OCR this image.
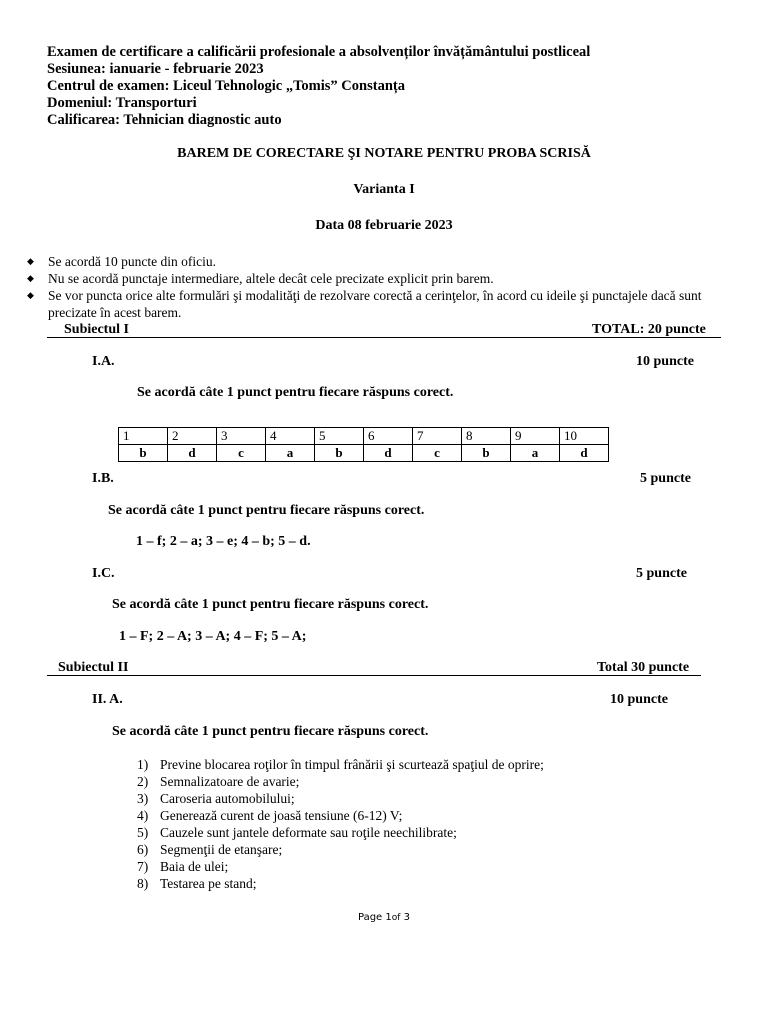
Examen de certificare a calificării profesionale a absolvenților învățământului postliceal
Sesiunea: ianuarie - februarie 2023
Centrul de examen: Liceul Tehnologic „Tomis” Constanța
Domeniul: Transporturi
Calificarea: Tehnician diagnostic auto
BAREM DE CORECTARE ŞI NOTARE PENTRU PROBA SCRISĂ
Varianta I
Data 08 februarie 2023
◆ Se acordă 10 puncte din oficiu.
◆ Nu se acordă punctaje intermediare, altele decât cele precizate explicit prin barem.
◆ Se vor puncta orice alte formulări şi modalităţi de rezolvare corectă a cerinţelor, în acord cu ideile şi punctajele dacă sunt precizate în acest barem.
Subiectul I	TOTAL: 20 puncte
I.A.	10 puncte
Se acordă câte 1 punct pentru fiecare răspuns corect.
1	2	3	4	5	6	7	8	9	10
b	d	c	a	b	d	c	b	a	d
I.B.	5 puncte
Se acordă câte 1 punct pentru fiecare răspuns corect.
1 – f; 2 – a; 3 – e; 4 – b; 5 – d.
I.C.	5 puncte
Se acordă câte 1 punct pentru fiecare răspuns corect.
1 – F; 2 – A; 3 – A; 4 – F; 5 – A;
Subiectul II	Total 30 puncte
II. A.	10 puncte
Se acordă câte 1 punct pentru fiecare răspuns corect.
1) Previne blocarea roţilor în timpul frânării şi scurtează spaţiul de oprire;
2) Semnalizatoare de avarie;
3) Caroseria automobilului;
4) Generează curent de joasă tensiune (6-12) V;
5) Cauzele sunt jantele deformate sau roţile neechilibrate;
6) Segmenţii de etanşare;
7) Baia de ulei;
8) Testarea pe stand;
Page 1of 3
